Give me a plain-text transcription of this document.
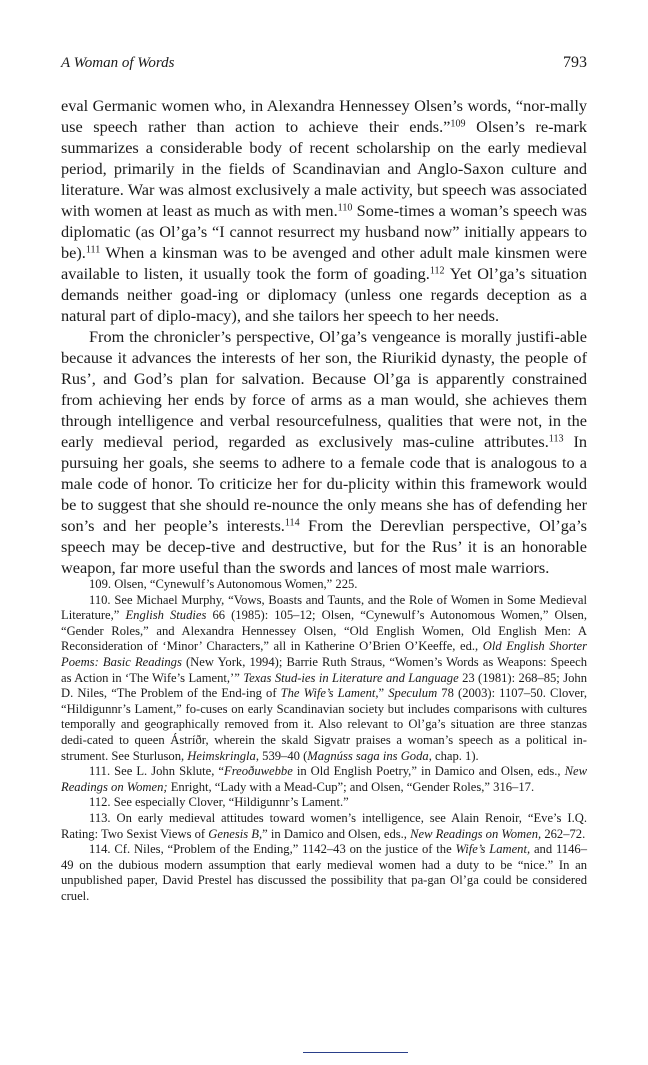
A Woman of Words	793

eval Germanic women who, in Alexandra Hennessey Olsen’s words, “nor-mally use speech rather than action to achieve their ends.”$^{109}$ Olsen’s re-mark summarizes a considerable body of recent scholarship on the early medieval period, primarily in the fields of Scandinavian and Anglo-Saxon culture and literature. War was almost exclusively a male activity, but speech was associated with women at least as much as with men.$^{110}$ Some-times a woman’s speech was diplomatic (as Ol’ga’s “I cannot resurrect my husband now” initially appears to be).$^{111}$ When a kinsman was to be avenged and other adult male kinsmen were available to listen, it usually took the form of goading.$^{112}$ Yet Ol’ga’s situation demands neither goad-ing or diplomacy (unless one regards deception as a natural part of diplo-macy), and she tailors her speech to her needs.

From the chronicler’s perspective, Ol’ga’s vengeance is morally justifi-able because it advances the interests of her son, the Riurikid dynasty, the people of Rus’, and God’s plan for salvation. Because Ol’ga is apparently constrained from achieving her ends by force of arms as a man would, she achieves them through intelligence and verbal resourcefulness, qualities that were not, in the early medieval period, regarded as exclusively mas-culine attributes.$^{113}$ In pursuing her goals, she seems to adhere to a female code that is analogous to a male code of honor. To criticize her for du-plicity within this framework would be to suggest that she should re-nounce the only means she has of defending her son’s and her people’s interests.$^{114}$ From the Derevlian perspective, Ol’ga’s speech may be decep-tive and destructive, but for the Rus’ it is an honorable weapon, far more useful than the swords and lances of most male warriors.

109. Olsen, “Cynewulf’s Autonomous Women,” 225.

110. See Michael Murphy, “Vows, Boasts and Taunts, and the Role of Women in Some Medieval Literature,” English Studies 66 (1985): 105–12; Olsen, “Cynewulf’s Autonomous Women,” Olsen, “Gender Roles,” and Alexandra Hennessey Olsen, “Old English Women, Old English Men: A Reconsideration of ‘Minor’ Characters,” all in Katherine O’Brien O’Keeffe, ed., Old English Shorter Poems: Basic Readings (New York, 1994); Barrie Ruth Straus, “Women’s Words as Weapons: Speech as Action in ‘The Wife’s Lament,’” Texas Stud-ies in Literature and Language 23 (1981): 268–85; John D. Niles, “The Problem of the End-ing of The Wife’s Lament,” Speculum 78 (2003): 1107–50. Clover, “Hildigunnr’s Lament,” fo-cuses on early Scandinavian society but includes comparisons with cultures temporally and geographically removed from it. Also relevant to Ol’ga’s situation are three stanzas dedi-cated to queen Ástríðr, wherein the skald Sigvatr praises a woman’s speech as a political in-strument. See Sturluson, Heimskringla, 539–40 (Magnúss saga ins Goda, chap. 1).

111. See L. John Sklute, “Freoðuwebbe in Old English Poetry,” in Damico and Olsen, eds., New Readings on Women; Enright, “Lady with a Mead-Cup”; and Olsen, “Gender Roles,” 316–17.

112. See especially Clover, “Hildigunnr’s Lament.”

113. On early medieval attitudes toward women’s intelligence, see Alain Renoir, “Eve’s I.Q. Rating: Two Sexist Views of Genesis B,” in Damico and Olsen, eds., New Readings on Women, 262–72.

114. Cf. Niles, “Problem of the Ending,” 1142–43 on the justice of the Wife’s Lament, and 1146–49 on the dubious modern assumption that early medieval women had a duty to be “nice.” In an unpublished paper, David Prestel has discussed the possibility that pa-gan Ol’ga could be considered cruel.
